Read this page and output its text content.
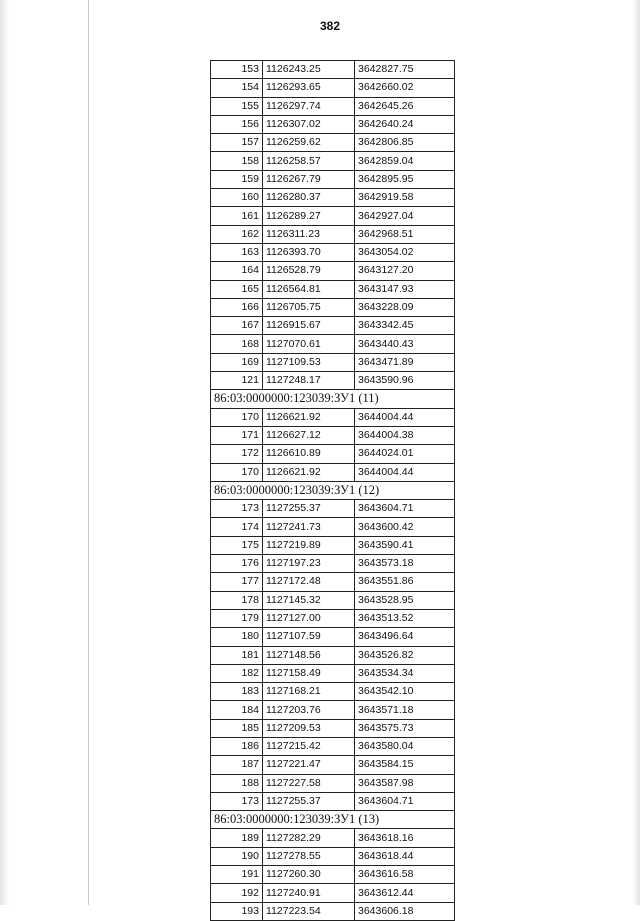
382
153	1126243.25	3642827.75
154	1126293.65	3642660.02
155	1126297.74	3642645.26
156	1126307.02	3642640.24
157	1126259.62	3642806.85
158	1126258.57	3642859.04
159	1126267.79	3642895.95
160	1126280.37	3642919.58
161	1126289.27	3642927.04
162	1126311.23	3642968.51
163	1126393.70	3643054.02
164	1126528.79	3643127.20
165	1126564.81	3643147.93
166	1126705.75	3643228.09
167	1126915.67	3643342.45
168	1127070.61	3643440.43
169	1127109.53	3643471.89
121	1127248.17	3643590.96
86:03:0000000:123039:ЗУ1 (11)		
170	1126621.92	3644004.44
171	1126627.12	3644004.38
172	1126610.89	3644024.01
170	1126621.92	3644004.44
86:03:0000000:123039:ЗУ1 (12)		
173	1127255.37	3643604.71
174	1127241.73	3643600.42
175	1127219.89	3643590.41
176	1127197.23	3643573.18
177	1127172.48	3643551.86
178	1127145.32	3643528.95
179	1127127.00	3643513.52
180	1127107.59	3643496.64
181	1127148.56	3643526.82
182	1127158.49	3643534.34
183	1127168.21	3643542.10
184	1127203.76	3643571.18
185	1127209.53	3643575.73
186	1127215.42	3643580.04
187	1127221.47	3643584.15
188	1127227.58	3643587.98
173	1127255.37	3643604.71
86:03:0000000:123039:ЗУ1 (13)		
189	1127282.29	3643618.16
190	1127278.55	3643618.44
191	1127260.30	3643616.58
192	1127240.91	3643612.44
193	1127223.54	3643606.18
